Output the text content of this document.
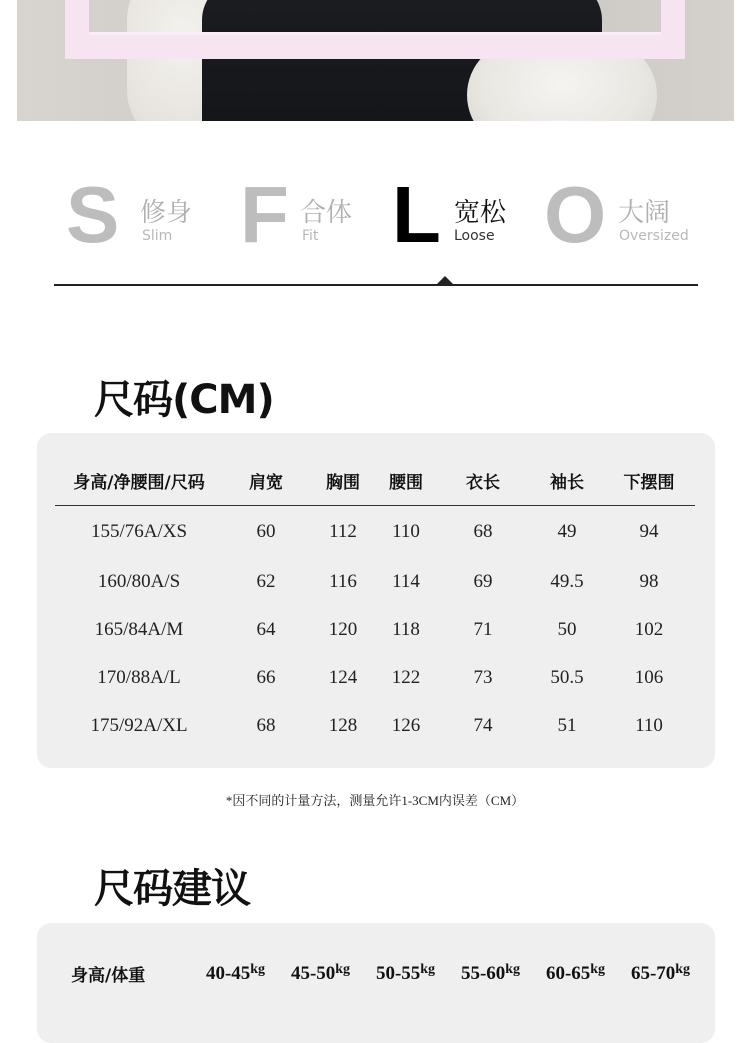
S 修身
Slim F 合体
Fit L 宽松
Loose O 大阔
Oversized
尺码(CM)
身高/净腰围/尺码	肩宽	胸围	腰围	衣长	袖长	下摆围
155/76A/XS	60	112	110	68	49	94
160/80A/S	62	116	114	69	49.5	98
165/84A/M	64	120	118	71	50	102
170/88A/L	66	124	122	73	50.5	106
175/92A/XL	68	128	126	74	51	110
*因不同的计量方法，测量允许1-3CM内误差（CM）
尺码建议
身高/体重	$40-45^{kg}$	$45-50^{kg}$	$50-55^{kg}$	$55-60^{kg}$	$60-65^{kg}$	$65-70^{kg}$
